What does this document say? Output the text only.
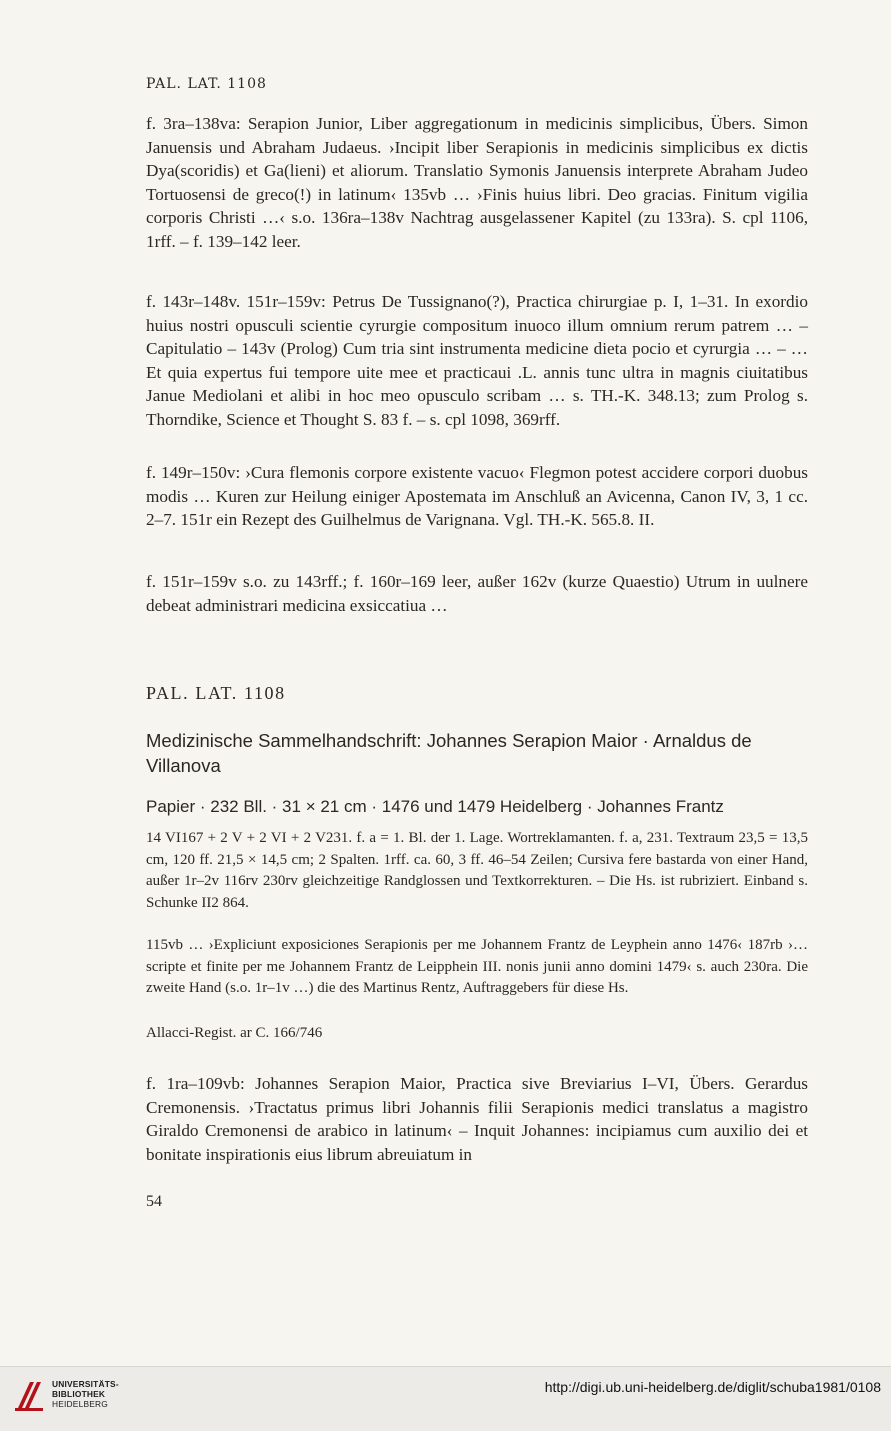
PAL. LAT. 1108
f. 3ra–138va: Serapion Junior, Liber aggregationum in medicinis simplicibus, Übers. Simon Januensis und Abraham Judaeus. ›Incipit liber Serapionis in medicinis simplicibus ex dictis Dya(scoridis) et Ga(lieni) et aliorum. Translatio Symonis Januensis interprete Abraham Judeo Tortuosensi de greco(!) in latinum‹ 135vb … ›Finis huius libri. Deo gracias. Finitum vigilia corporis Christi …‹ s.o. 136ra–138v Nachtrag ausgelassener Kapitel (zu 133ra). S. cpl 1106, 1rff. – f. 139–142 leer.
f. 143r–148v. 151r–159v: Petrus De Tussignano(?), Practica chirurgiae p. I, 1–31. In exordio huius nostri opusculi scientie cyrurgie compositum inuoco illum omnium rerum patrem … – Capitulatio – 143v (Prolog) Cum tria sint instrumenta medicine dieta pocio et cyrurgia … – … Et quia expertus fui tempore uite mee et practicaui .L. annis tunc ultra in magnis ciuitatibus Janue Mediolani et alibi in hoc meo opusculo scribam … s. TH.-K. 348.13; zum Prolog s. Thorndike, Science et Thought S. 83 f. – s. cpl 1098, 369rff.
f. 149r–150v: ›Cura flemonis corpore existente vacuo‹ Flegmon potest accidere corpori duobus modis … Kuren zur Heilung einiger Apostemata im Anschluß an Avicenna, Canon IV, 3, 1 cc. 2–7. 151r ein Rezept des Guilhelmus de Varignana. Vgl. TH.-K. 565.8. II.
f. 151r–159v s.o. zu 143rff.; f. 160r–169 leer, außer 162v (kurze Quaestio) Utrum in uulnere debeat administrari medicina exsiccatiua …
PAL. LAT. 1108
Medizinische Sammelhandschrift: Johannes Serapion Maior · Arnaldus de Villanova
Papier · 232 Bll. · 31 × 21 cm · 1476 und 1479 Heidelberg · Johannes Frantz
14 VI167 + 2 V + 2 VI + 2 V231. f. a = 1. Bl. der 1. Lage. Wortreklamanten. f. a, 231. Textraum 23,5 = 13,5 cm, 120 ff. 21,5 × 14,5 cm; 2 Spalten. 1rff. ca. 60, 3 ff. 46–54 Zeilen; Cursiva fere bastarda von einer Hand, außer 1r–2v 116rv 230rv gleichzeitige Randglossen und Textkorrekturen. – Die Hs. ist rubriziert. Einband s. Schunke II2 864.
115vb … ›Expliciunt exposiciones Serapionis per me Johannem Frantz de Leyphein anno 1476‹ 187rb ›… scripte et finite per me Johannem Frantz de Leipphein III. nonis junii anno domini 1479‹ s. auch 230ra. Die zweite Hand (s.o. 1r–1v …) die des Martinus Rentz, Auftraggebers für diese Hs.
Allacci-Regist. ar C. 166/746
f. 1ra–109vb: Johannes Serapion Maior, Practica sive Breviarius I–VI, Übers. Gerardus Cremonensis. ›Tractatus primus libri Johannis filii Serapionis medici translatus a magistro Giraldo Cremonensi de arabico in latinum‹ – Inquit Johannes: incipiamus cum auxilio dei et bonitate inspirationis eius librum abreuiatum in
54
UNIVERSITÄTS-
BIBLIOTHEK
HEIDELBERG
http://digi.ub.uni-heidelberg.de/diglit/schuba1981/0108
